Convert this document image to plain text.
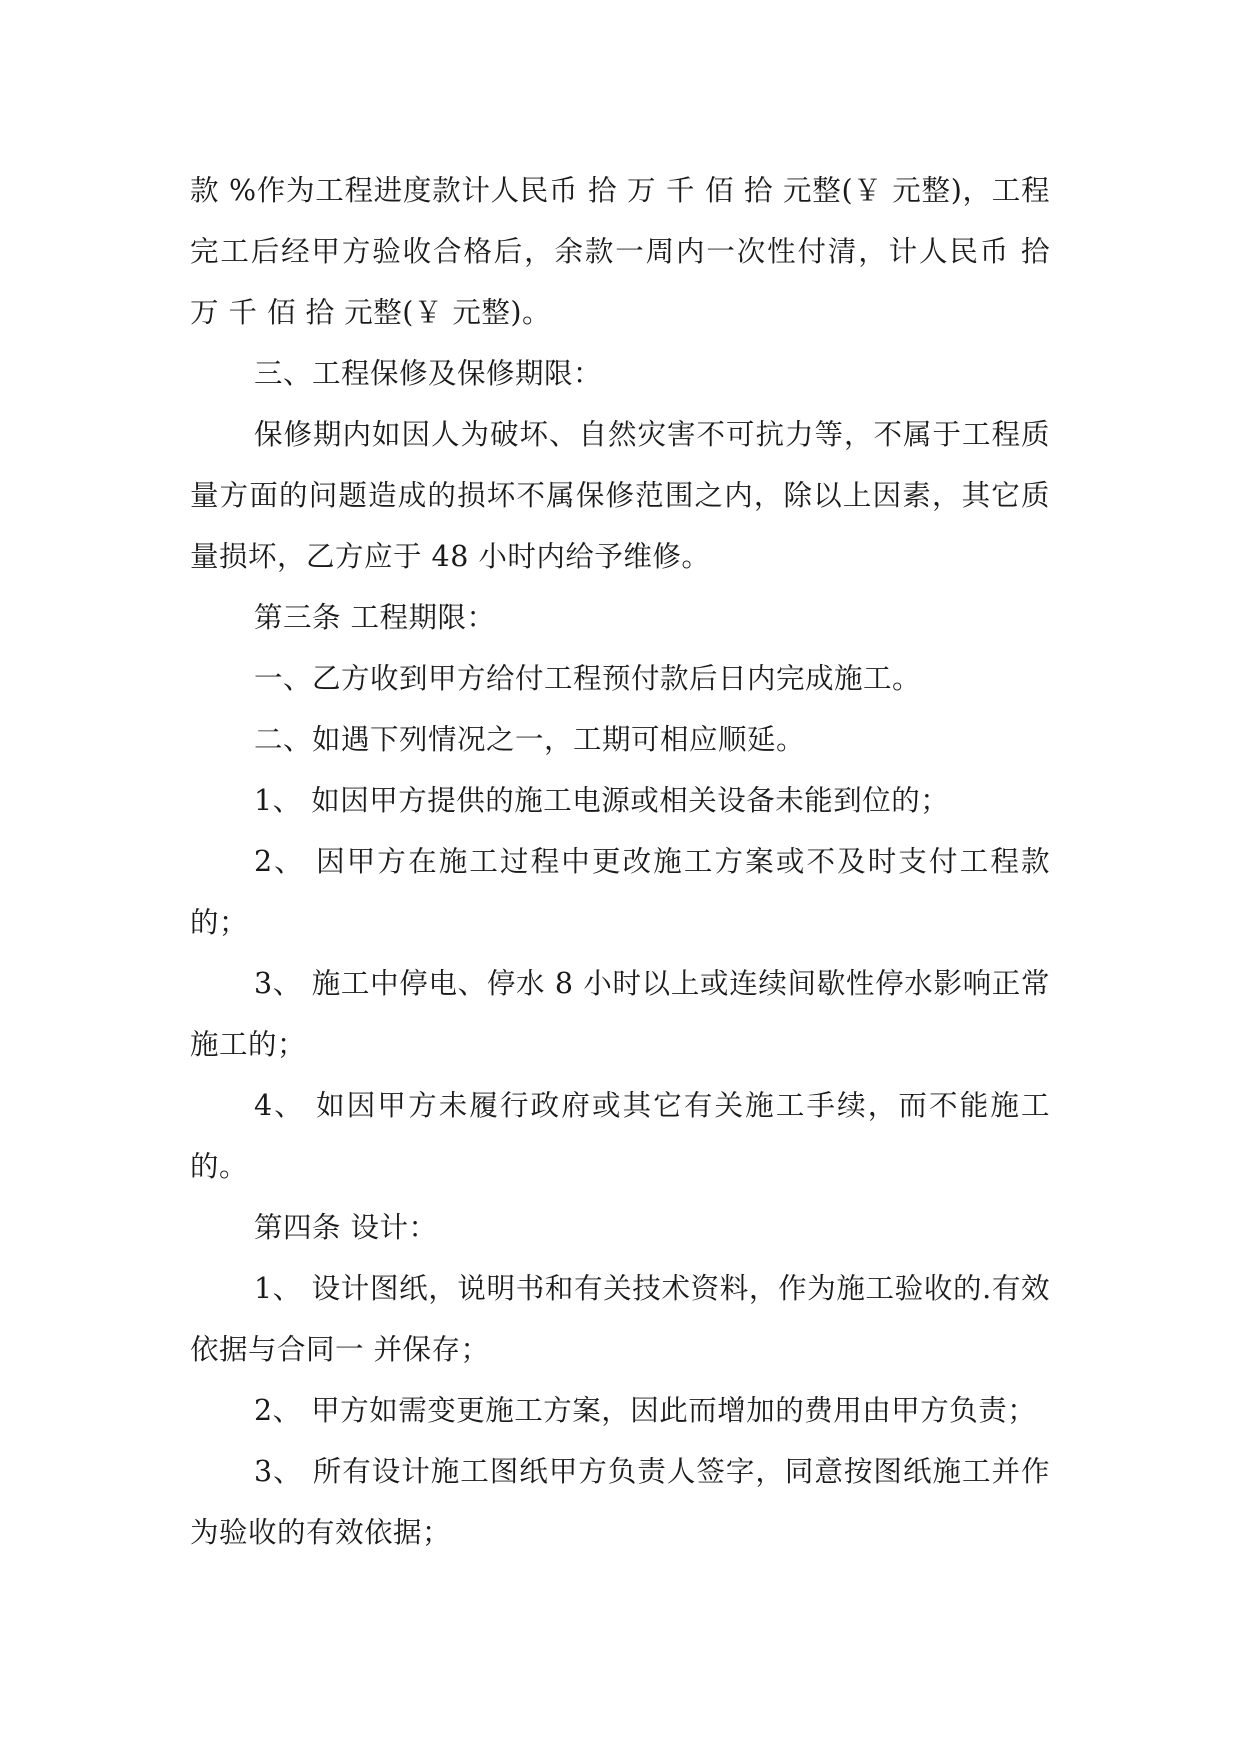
款 %作为工程进度款计人民币 拾 万 千 佰 拾 元整(￥ 元整)，工程完工后经甲方验收合格后，余款一周内一次性付清，计人民币 拾 万 千 佰 拾 元整(￥ 元整)。

三、工程保修及保修期限：

保修期内如因人为破坏、自然灾害不可抗力等，不属于工程质量方面的问题造成的损坏不属保修范围之内，除以上因素，其它质量损坏，乙方应于 48 小时内给予维修。

第三条 工程期限：

一、乙方收到甲方给付工程预付款后日内完成施工。

二、如遇下列情况之一，工期可相应顺延。

1、 如因甲方提供的施工电源或相关设备未能到位的；

2、 因甲方在施工过程中更改施工方案或不及时支付工程款的；

3、 施工中停电、停水 8 小时以上或连续间歇性停水影响正常施工的；

4、 如因甲方未履行政府或其它有关施工手续，而不能施工的。

第四条 设计：

1、 设计图纸，说明书和有关技术资料，作为施工验收的.有效依据与合同一 并保存；

2、 甲方如需变更施工方案，因此而增加的费用由甲方负责；

3、 所有设计施工图纸甲方负责人签字，同意按图纸施工并作为验收的有效依据；
